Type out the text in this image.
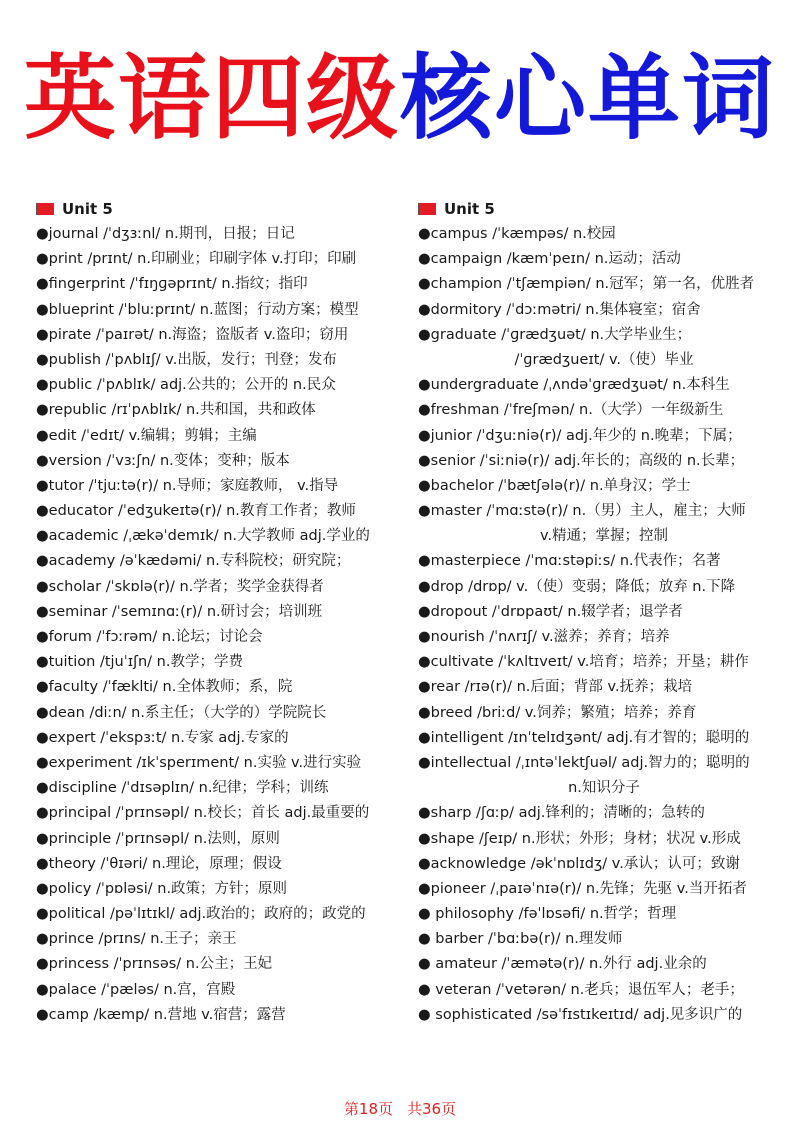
英语四级核心单词
Unit 5
●journal /ˈdʒɜːnl/ n.期刊，日报；日记
●print /prɪnt/ n.印刷业；印刷字体 v.打印；印刷
●fingerprint /ˈfɪŋɡəprɪnt/ n.指纹；指印
●blueprint /ˈbluːprɪnt/ n.蓝图；行动方案；模型
●pirate /ˈpaɪrət/ n.海盗；盗版者 v.盗印；窃用
●publish /ˈpʌblɪʃ/ v.出版，发行；刊登；发布
●public /ˈpʌblɪk/ adj.公共的；公开的 n.民众
●republic /rɪˈpʌblɪk/ n.共和国，共和政体
●edit /ˈedɪt/ v.编辑；剪辑；主编
●version /ˈvɜːʃn/ n.变体；变种；版本
●tutor /ˈtjuːtə(r)/ n.导师；家庭教师， v.指导
●educator /ˈedʒukeɪtə(r)/ n.教育工作者；教师
●academic /ˌækəˈdemɪk/ n.大学教师 adj.学业的
●academy /əˈkædəmi/ n.专科院校；研究院；
●scholar /ˈskɒlə(r)/ n.学者；奖学金获得者
●seminar /ˈsemɪnɑː(r)/ n.研讨会；培训班
●forum /ˈfɔːrəm/ n.论坛；讨论会
●tuition /tjuˈɪʃn/ n.教学；学费
●faculty /ˈfæklti/ n.全体教师；系，院
●dean /diːn/ n.系主任；（大学的）学院院长
●expert /ˈekspɜːt/ n.专家 adj.专家的
●experiment /ɪkˈsperɪment/ n.实验 v.进行实验
●discipline /ˈdɪsəplɪn/ n.纪律；学科；训练
●principal /ˈprɪnsəpl/ n.校长；首长 adj.最重要的
●principle /ˈprɪnsəpl/ n.法则，原则
●theory /ˈθɪəri/ n.理论，原理；假设
●policy /ˈpɒləsi/ n.政策；方针；原则
●political /pəˈlɪtɪkl/ adj.政治的；政府的；政党的
●prince /prɪns/ n.王子；亲王
●princess /ˈprɪnsəs/ n.公主；王妃
●palace /ˈpæləs/ n.宫，宫殿
●camp /kæmp/ n.营地 v.宿营；露营
Unit 5
●campus /ˈkæmpəs/ n.校园
●campaign /kæmˈpeɪn/ n.运动；活动
●champion /ˈtʃæmpiən/ n.冠军；第一名，优胜者
●dormitory /ˈdɔːmətri/ n.集体寝室；宿舍
●graduate /ˈɡrædʒuət/ n.大学毕业生；
/ˈɡrædʒueɪt/ v.（使）毕业
●undergraduate /ˌʌndəˈɡrædʒuət/ n.本科生
●freshman /ˈfreʃmən/ n.（大学）一年级新生
●junior /ˈdʒuːniə(r)/ adj.年少的 n.晚辈；下属；
●senior /ˈsiːniə(r)/ adj.年长的；高级的 n.长辈；
●bachelor /ˈbætʃələ(r)/ n.单身汉；学士
●master /ˈmɑːstə(r)/ n.（男）主人，雇主；大师
v.精通；掌握；控制
●masterpiece /ˈmɑːstəpiːs/ n.代表作；名著
●drop /drɒp/ v.（使）变弱；降低；放弃 n.下降
●dropout /ˈdrɒpaʊt/ n.辍学者；退学者
●nourish /ˈnʌrɪʃ/ v.滋养；养育；培养
●cultivate /ˈkʌltɪveɪt/ v.培育；培养；开垦；耕作
●rear /rɪə(r)/ n.后面；背部 v.抚养；栽培
●breed /briːd/ v.饲养；繁殖；培养；养育
●intelligent /ɪnˈtelɪdʒənt/ adj.有才智的；聪明的
●intellectual /ˌɪntəˈlektʃuəl/ adj.智力的；聪明的
n.知识分子
●sharp /ʃɑːp/ adj.锋利的；清晰的；急转的
●shape /ʃeɪp/ n.形状；外形；身材；状况 v.形成
●acknowledge /əkˈnɒlɪdʒ/ v.承认；认可；致谢
●pioneer /ˌpaɪəˈnɪə(r)/ n.先锋；先驱 v.当开拓者
● philosophy /fəˈlɒsəfi/ n.哲学；哲理
● barber /ˈbɑːbə(r)/ n.理发师
● amateur /ˈæmətə(r)/ n.外行 adj.业余的
● veteran /ˈvetərən/ n.老兵；退伍军人；老手；
● sophisticated /səˈfɪstɪkeɪtɪd/ adj.见多识广的
第18页 共36页
